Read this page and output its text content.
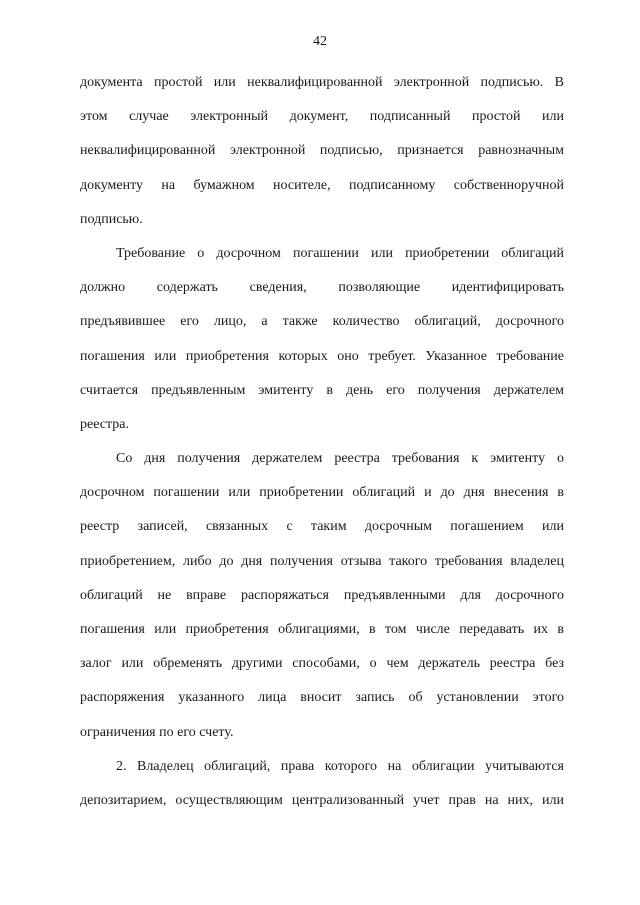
42
документа простой или неквалифицированной электронной подписью. В
этом случае электронный документ, подписанный простой или
неквалифицированной электронной подписью, признается равнозначным
документу на бумажном носителе, подписанному собственноручной
подписью.
Требование о досрочном погашении или приобретении облигаций
должно содержать сведения, позволяющие идентифицировать
предъявившее его лицо, а также количество облигаций, досрочного
погашения или приобретения которых оно требует. Указанное требование
считается предъявленным эмитенту в день его получения держателем
реестра.
Со дня получения держателем реестра требования к эмитенту о
досрочном погашении или приобретении облигаций и до дня внесения в
реестр записей, связанных с таким досрочным погашением или
приобретением, либо до дня получения отзыва такого требования владелец
облигаций не вправе распоряжаться предъявленными для досрочного
погашения или приобретения облигациями, в том числе передавать их в
залог или обременять другими способами, о чем держатель реестра без
распоряжения указанного лица вносит запись об установлении этого
ограничения по его счету.
2. Владелец облигаций, права которого на облигации учитываются
депозитарием, осуществляющим централизованный учет прав на них, или
